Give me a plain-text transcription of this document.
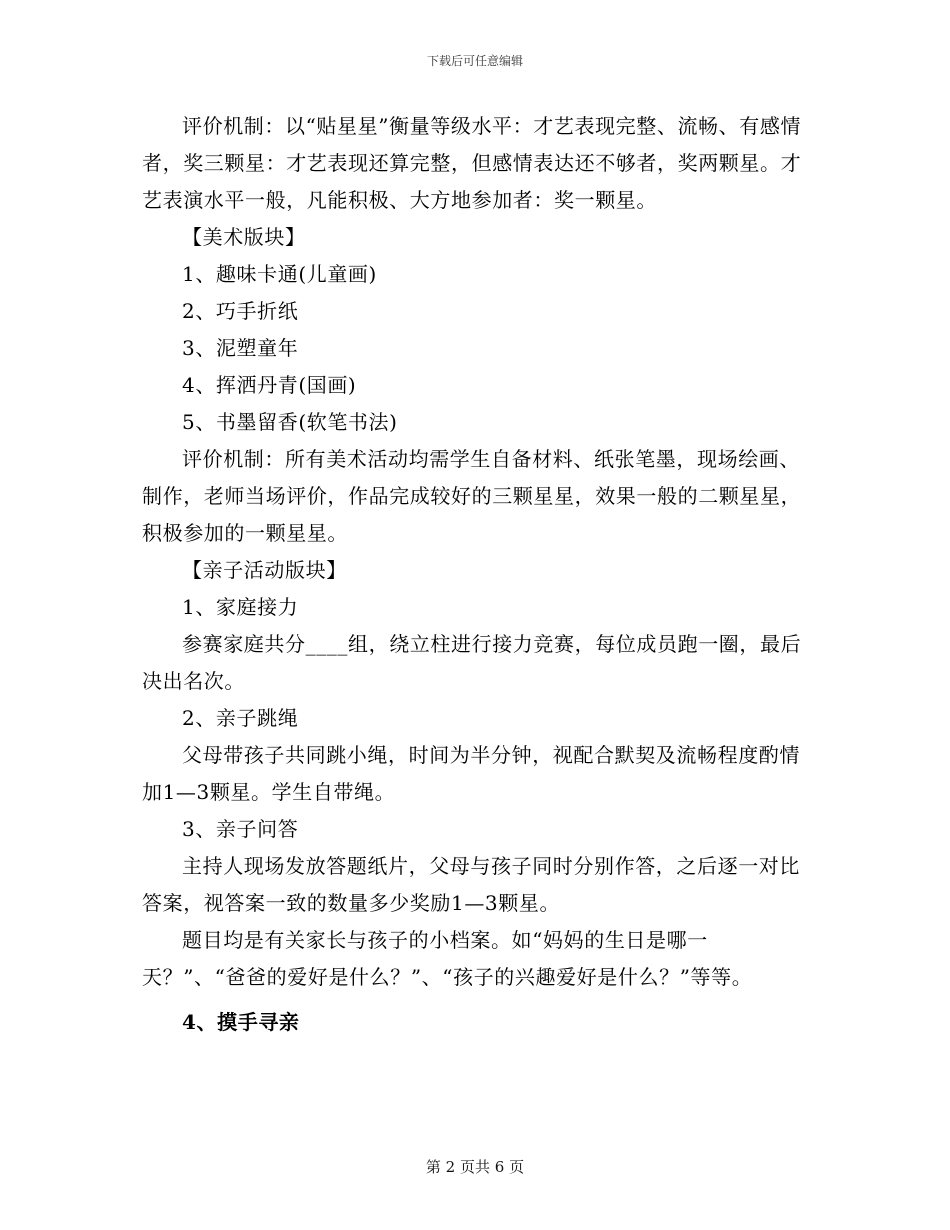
下载后可任意编辑

评价机制：以“贴星星”衡量等级水平：才艺表现完整、流畅、有感情者，奖三颗星：才艺表现还算完整，但感情表达还不够者，奖两颗星。才艺表演水平一般，凡能积极、大方地参加者：奖一颗星。

【美术版块】

1、趣味卡通(儿童画)

2、巧手折纸

3、泥塑童年

4、挥洒丹青(国画)

5、书墨留香(软笔书法)

评价机制：所有美术活动均需学生自备材料、纸张笔墨，现场绘画、制作，老师当场评价，作品完成较好的三颗星星，效果一般的二颗星星，积极参加的一颗星星。

【亲子活动版块】

1、家庭接力

参赛家庭共分____组，绕立柱进行接力竞赛，每位成员跑一圈，最后决出名次。

2、亲子跳绳

父母带孩子共同跳小绳，时间为半分钟，视配合默契及流畅程度酌情加1—3颗星。学生自带绳。

3、亲子问答

主持人现场发放答题纸片，父母与孩子同时分别作答，之后逐一对比答案，视答案一致的数量多少奖励1—3颗星。

题目均是有关家长与孩子的小档案。如“妈妈的生日是哪一天？”、“爸爸的爱好是什么？”、“孩子的兴趣爱好是什么？”等等。

4、摸手寻亲

第 2 页共 6 页
